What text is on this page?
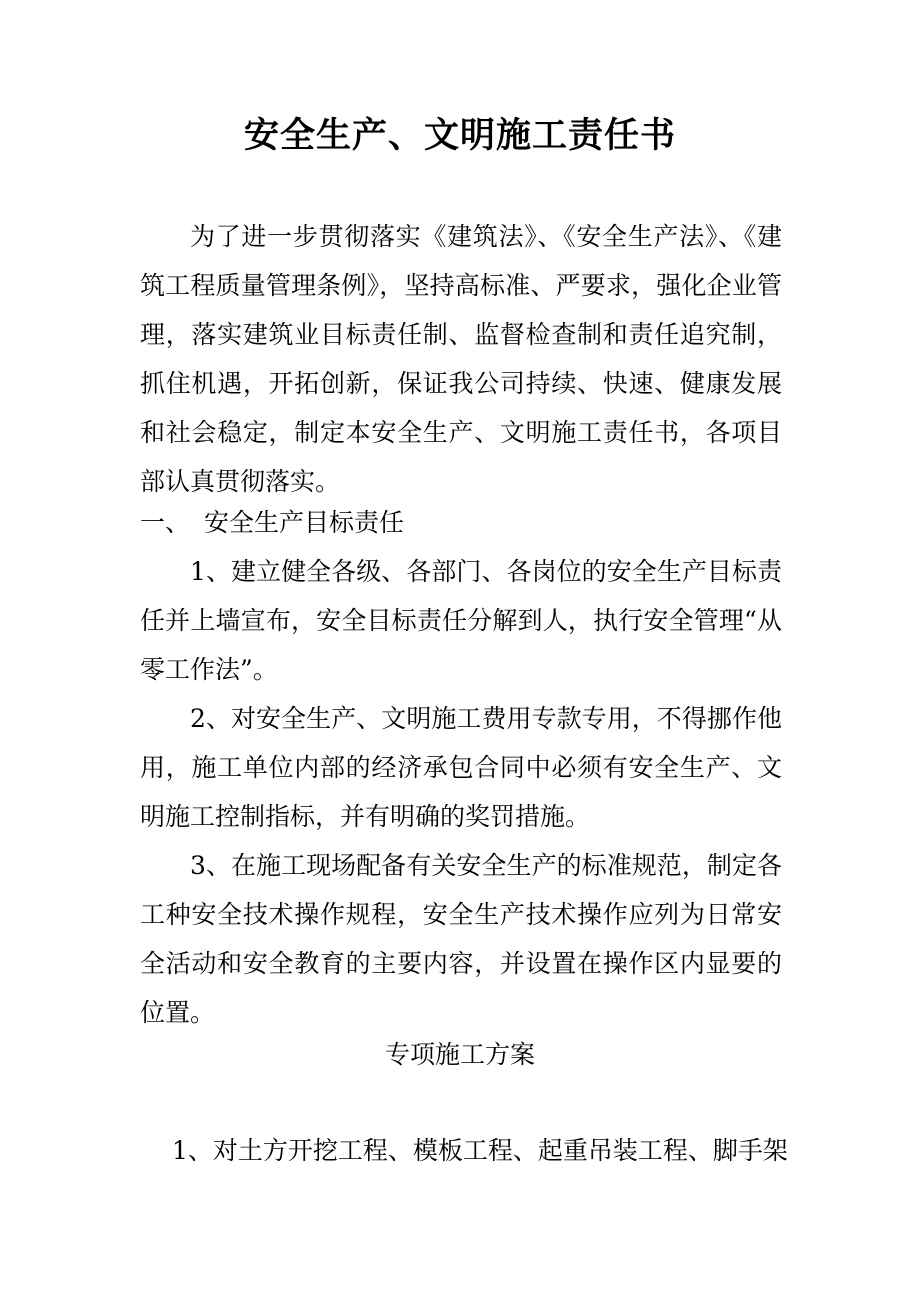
安全生产、文明施工责任书

为了进一步贯彻落实《建筑法》、《安全生产法》、《建筑工程质量管理条例》，坚持高标准、严要求，强化企业管理，落实建筑业目标责任制、监督检查制和责任追究制，抓住机遇，开拓创新，保证我公司持续、快速、健康发展和社会稳定，制定本安全生产、文明施工责任书，各项目部认真贯彻落实。

一、 安全生产目标责任

1、建立健全各级、各部门、各岗位的安全生产目标责任并上墙宣布，安全目标责任分解到人，执行安全管理“从零工作法”。

2、对安全生产、文明施工费用专款专用，不得挪作他用，施工单位内部的经济承包合同中必须有安全生产、文明施工控制指标，并有明确的奖罚措施。

3、在施工现场配备有关安全生产的标准规范，制定各工种安全技术操作规程，安全生产技术操作应列为日常安全活动和安全教育的主要内容，并设置在操作区内显要的位置。

专项施工方案

1、对土方开挖工程、模板工程、起重吊装工程、脚手架
